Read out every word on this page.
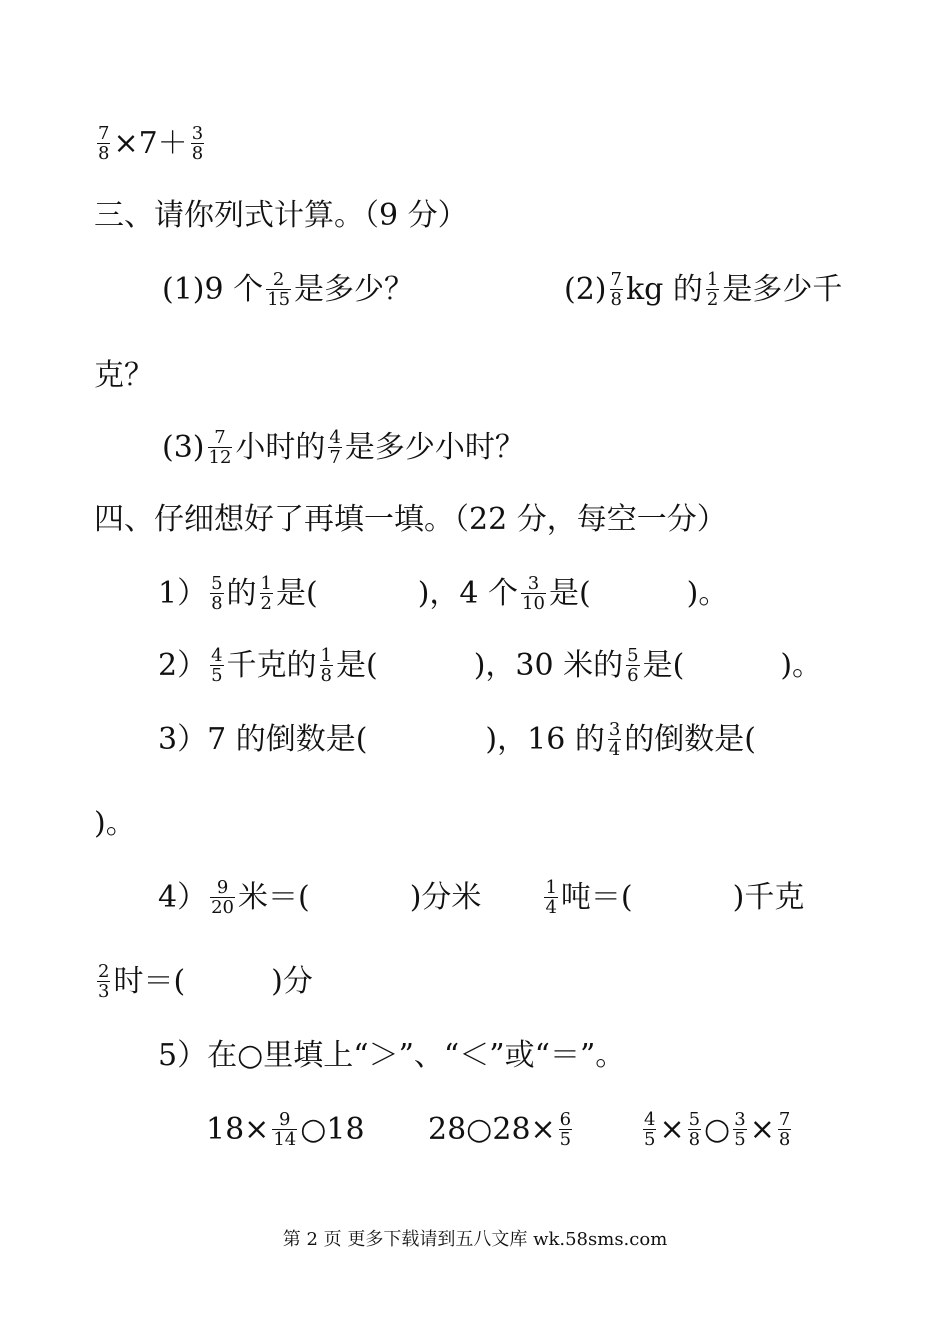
$\frac{7}{8} \times 7+ \frac{3}{8}$
三、请你列式计算。（9 分）
(1)9 个 $\frac{2}{15}$ 是多少？	$(2) \frac{7}{8}$ kg 的 $\frac{1}{2}$ 是多少千
克？
$(3) \frac{7}{12}$ 小时的 $\frac{4}{7}$ 是多少小时？
四、仔细想好了再填一填。（22 分，每空一分）
$1) \frac{5}{8}$ 的 $\frac{1}{2}$ 是(	)，4 个 $\frac{3}{10}$ 是(	)。
$2) \frac{4}{5}$ 千克的 $\frac{1}{8}$ 是(	)，30 米的 $\frac{5}{6}$ 是(	)。
3）7 的倒数是(	)，16 的 $\frac{3}{4}$ 的倒数是(
)。
$4) \frac{9}{20}$ 米＝(	)分米	$\frac{1}{4}$ 吨＝(	)千克
$\frac{2}{3}$ 时＝(	)分
5）在○里填上“＞”、“＜”或“＝”。
$18\times \frac{9}{14}$ ○18 28○28× $\frac{6}{5}$	$\frac{4}{5} \times \frac{5}{8}$ ○ $\frac{3}{5} \times \frac{7}{8}$
第 2 页 更多下载请到五八文库 wk.58sms.com
